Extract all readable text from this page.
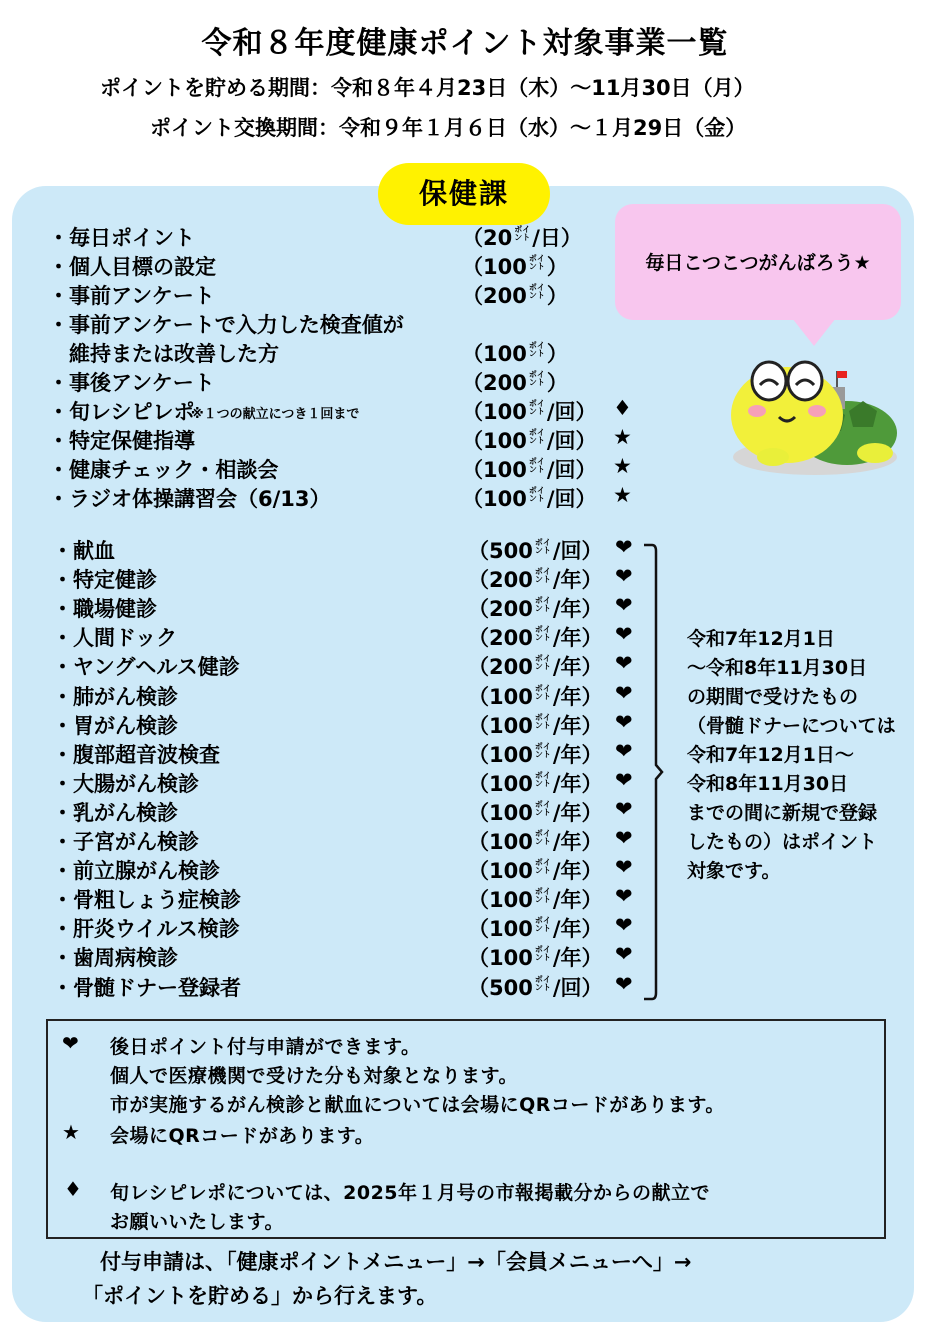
令和８年度健康ポイント対象事業一覧
ポイントを貯める期間：令和８年４月23日（木）～11月30日（月）
ポイント交換期間：令和９年１月６日（水）～１月29日（金）
保健課
毎日こつこつがんばろう★
・毎日ポイント	（20 ポイ
ント/日）
・個人目標の設定	（100 ポイ
ント）
・事前アンケート	（200 ポイ
ント）
・事前アンケートで入力した検査値が
　維持または改善した方	（100 ポイ
ント）
・事後アンケート	（200 ポイ
ント）
・旬レシピレポ
※１つの献立につき１回まで	（100 ポイ
ント/回） ♦
・特定保健指導	（100 ポイ
ント/回） ★
・健康チェック・相談会	（100 ポイ
ント/回） ★
・ラジオ体操講習会（6/13）	（100 ポイ
ント/回） ★
・献血	（500 ポイ
ント/回） ❤
・特定健診	（200 ポイ
ント/年） ❤
・職場健診	（200 ポイ
ント/年） ❤
・人間ドック	（200 ポイ
ント/年） ❤
・ヤングヘルス健診	（200 ポイ
ント/年） ❤
・肺がん検診	（100 ポイ
ント/年） ❤
・胃がん検診	（100 ポイ
ント/年） ❤
・腹部超音波検査	（100 ポイ
ント/年） ❤
・大腸がん検診	（100 ポイ
ント/年） ❤
・乳がん検診	（100 ポイ
ント/年） ❤
・子宮がん検診	（100 ポイ
ント/年） ❤
・前立腺がん検診	（100 ポイ
ント/年） ❤
・骨粗しょう症検診	（100 ポイ
ント/年） ❤
・肝炎ウイルス検診	（100 ポイ
ント/年） ❤
・歯周病検診	（100 ポイ
ント/年） ❤
・骨髄ドナー登録者	（500 ポイ
ント/回） ❤
令和7年12月1日
～令和8年11月30日
の期間で受けたもの
（骨髄ドナーについては
令和7年12月1日～
令和8年11月30日
までの間に新規で登録
したもの）はポイント
対象です。
❤ 後日ポイント付与申請ができます。
個人で医療機関で受けた分も対象となります。
市が実施するがん検診と献血については会場にQRコードがあります。
★ 会場にQRコードがあります。
♦ 旬レシピレポについては、2025年１月号の市報掲載分からの献立で
お願いいたします。
付与申請は、「健康ポイントメニュー」→「会員メニューへ」→
「ポイントを貯める」から行えます。
